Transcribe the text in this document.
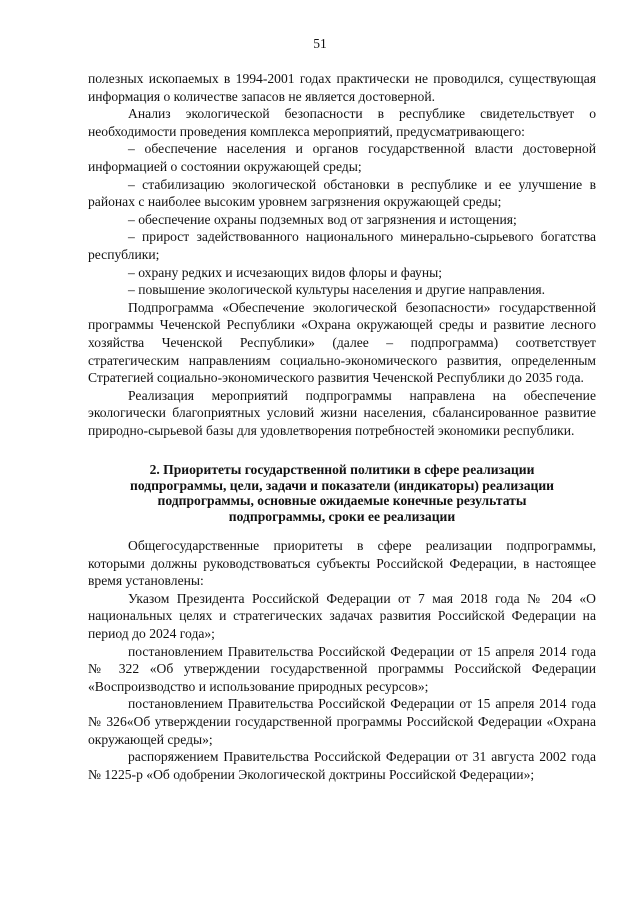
51

полезных ископаемых в 1994-2001 годах практически не проводился, существующая информация о количестве запасов не является достоверной.

Анализ экологической безопасности в республике свидетельствует о необходимости проведения комплекса мероприятий, предусматривающего:

– обеспечение населения и органов государственной власти достоверной информацией о состоянии окружающей среды;

– стабилизацию экологической обстановки в республике и ее улучшение в районах с наиболее высоким уровнем загрязнения окружающей среды;

– обеспечение охраны подземных вод от загрязнения и истощения;

– прирост задействованного национального минерально-сырьевого богатства республики;

– охрану редких и исчезающих видов флоры и фауны;

– повышение экологической культуры населения и другие направления.

Подпрограмма «Обеспечение экологической безопасности» государственной программы Чеченской Республики «Охрана окружающей среды и развитие лесного хозяйства Чеченской Республики» (далее – подпрограмма) соответствует стратегическим направлениям социально-экономического развития, определенным Стратегией социально-экономического развития Чеченской Республики до 2035 года.

Реализация мероприятий подпрограммы направлена на обеспечение экологически благоприятных условий жизни населения, сбалансированное развитие природно-сырьевой базы для удовлетворения потребностей экономики республики.

2. Приоритеты государственной политики в сфере реализации
подпрограммы, цели, задачи и показатели (индикаторы) реализации
подпрограммы, основные ожидаемые конечные результаты
подпрограммы, сроки ее реализации

Общегосударственные приоритеты в сфере реализации подпрограммы, которыми должны руководствоваться субъекты Российской Федерации, в настоящее время установлены:

Указом Президента Российской Федерации от 7 мая 2018 года № 204 «О национальных целях и стратегических задачах развития Российской Федерации на период до 2024 года»;

постановлением Правительства Российской Федерации от 15 апреля 2014 года № 322 «Об утверждении государственной программы Российской Федерации «Воспроизводство и использование природных ресурсов»;

постановлением Правительства Российской Федерации от 15 апреля 2014 года № 326«Об утверждении государственной программы Российской Федерации «Охрана окружающей среды»;

распоряжением Правительства Российской Федерации от 31 августа 2002 года № 1225-р «Об одобрении Экологической доктрины Российской Федерации»;
